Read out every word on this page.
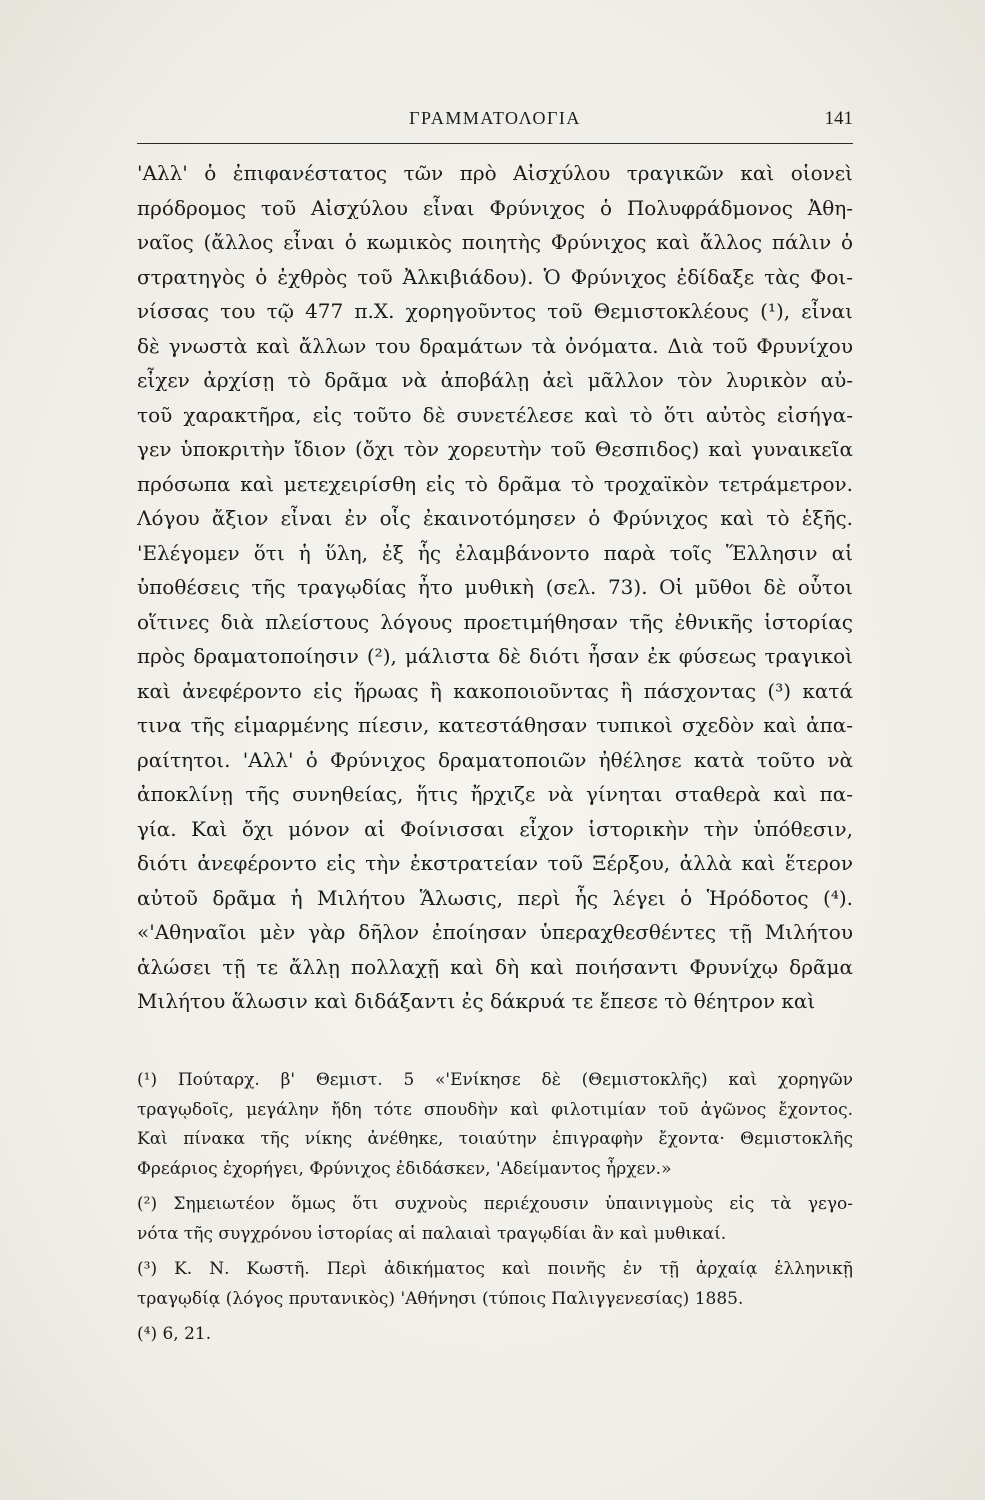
ΓΡΑΜΜΑΤΟΛΟΓΙΑ	141
'Αλλ' ὁ ἐπιφανέστατος τῶν πρὸ Αἰσχύλου τραγικῶν καὶ οἱονεὶ
πρόδρομος τοῦ Αἰσχύλου εἶναι Φρύνιχος ὁ Πολυφράδμονος Ἀθη-
ναῖος (ἄλλος εἶναι ὁ κωμικὸς ποιητὴς Φρύνιχος καὶ ἄλλος πάλιν ὁ
στρατηγὸς ὁ ἐχθρὸς τοῦ Ἀλκιβιάδου). Ὁ Φρύνιχος ἐδίδαξε τὰς Φοι-
νίσσας του τῷ 477 π.Χ. χορηγοῦντος τοῦ Θεμιστοκλέους (¹), εἶναι
δὲ γνωστὰ καὶ ἄλλων του δραμάτων τὰ ὀνόματα. Διὰ τοῦ Φρυνίχου
εἶχεν ἀρχίσῃ τὸ δρᾶμα νὰ ἀποβάλῃ ἀεὶ μᾶλλον τὸν λυρικὸν αὐ-
τοῦ χαρακτῆρα, εἰς τοῦτο δὲ συνετέλεσε καὶ τὸ ὅτι αὐτὸς εἰσήγα-
γεν ὑποκριτὴν ἴδιον (ὄχι τὸν χορευτὴν τοῦ Θεσπιδος) καὶ γυναικεῖα
πρόσωπα καὶ μετεχειρίσθη εἰς τὸ δρᾶμα τὸ τροχαϊκὸν τετράμετρον.
Λόγου ἄξιον εἶναι ἐν οἷς ἐκαινοτόμησεν ὁ Φρύνιχος καὶ τὸ ἑξῆς.
'Ελέγομεν ὅτι ἡ ὕλη, ἐξ ἧς ἐλαμβάνοντο παρὰ τοῖς Ἕλλησιν αἱ
ὑποθέσεις τῆς τραγῳδίας ἦτο μυθικὴ (σελ. 73). Οἱ μῦθοι δὲ οὗτοι
οἵτινες διὰ πλείστους λόγους προετιμήθησαν τῆς ἐθνικῆς ἱστορίας
πρὸς δραματοποίησιν (²), μάλιστα δὲ διότι ἦσαν ἐκ φύσεως τραγικοὶ
καὶ ἀνεφέροντο εἰς ἥρωας ἢ κακοποιοῦντας ἢ πάσχοντας (³) κατά
τινα τῆς εἱμαρμένης πίεσιν, κατεστάθησαν τυπικοὶ σχεδὸν καὶ ἀπα-
ραίτητοι. 'Αλλ' ὁ Φρύνιχος δραματοποιῶν ἠθέλησε κατὰ τοῦτο νὰ
ἀποκλίνῃ τῆς συνηθείας, ἥτις ἤρχιζε νὰ γίνηται σταθερὰ καὶ πα-
γία. Καὶ ὄχι μόνον αἱ Φοίνισσαι εἶχον ἱστορικὴν τὴν ὑπόθεσιν,
διότι ἀνεφέροντο εἰς τὴν ἐκστρατείαν τοῦ Ξέρξου, ἀλλὰ καὶ ἕτερον
αὐτοῦ δρᾶμα ἡ Μιλήτου Ἅλωσις, περὶ ἧς λέγει ὁ Ἡρόδοτος (⁴).
«'Αθηναῖοι μὲν γὰρ δῆλον ἐποίησαν ὑπεραχθεσθέντες τῇ Μιλήτου
ἁλώσει τῇ τε ἄλλῃ πολλαχῇ καὶ δὴ καὶ ποιήσαντι Φρυνίχῳ δρᾶμα
Μιλήτου ἅλωσιν καὶ διδάξαντι ἐς δάκρυά τε ἔπεσε τὸ θέητρον καὶ
(¹) Πούταρχ. β' Θεμιστ. 5 «'Ενίκησε δὲ (Θεμιστοκλῆς) καὶ χορηγῶν
τραγῳδοῖς, μεγάλην ἤδη τότε σπουδὴν καὶ φιλοτιμίαν τοῦ ἀγῶνος ἔχοντος.
Καὶ πίνακα τῆς νίκης ἀνέθηκε, τοιαύτην ἐπιγραφὴν ἔχοντα· Θεμιστοκλῆς
Φρεάριος ἐχορήγει, Φρύνιχος ἐδιδάσκεν, 'Αδείμαντος ἦρχεν.»
(²) Σημειωτέον ὅμως ὅτι συχνοὺς περιέχουσιν ὑπαινιγμοὺς εἰς τὰ γεγο-
νότα τῆς συγχρόνου ἱστορίας αἱ παλαιαὶ τραγῳδίαι ἂν καὶ μυθικαί.
(³) Κ. Ν. Κωστῆ. Περὶ ἀδικήματος καὶ ποινῆς ἐν τῇ ἀρχαίᾳ ἑλληνικῇ
τραγῳδίᾳ (λόγος πρυτανικὸς) 'Αθήνησι (τύποις Παλιγγενεσίας) 1885.
(⁴) 6, 21.
